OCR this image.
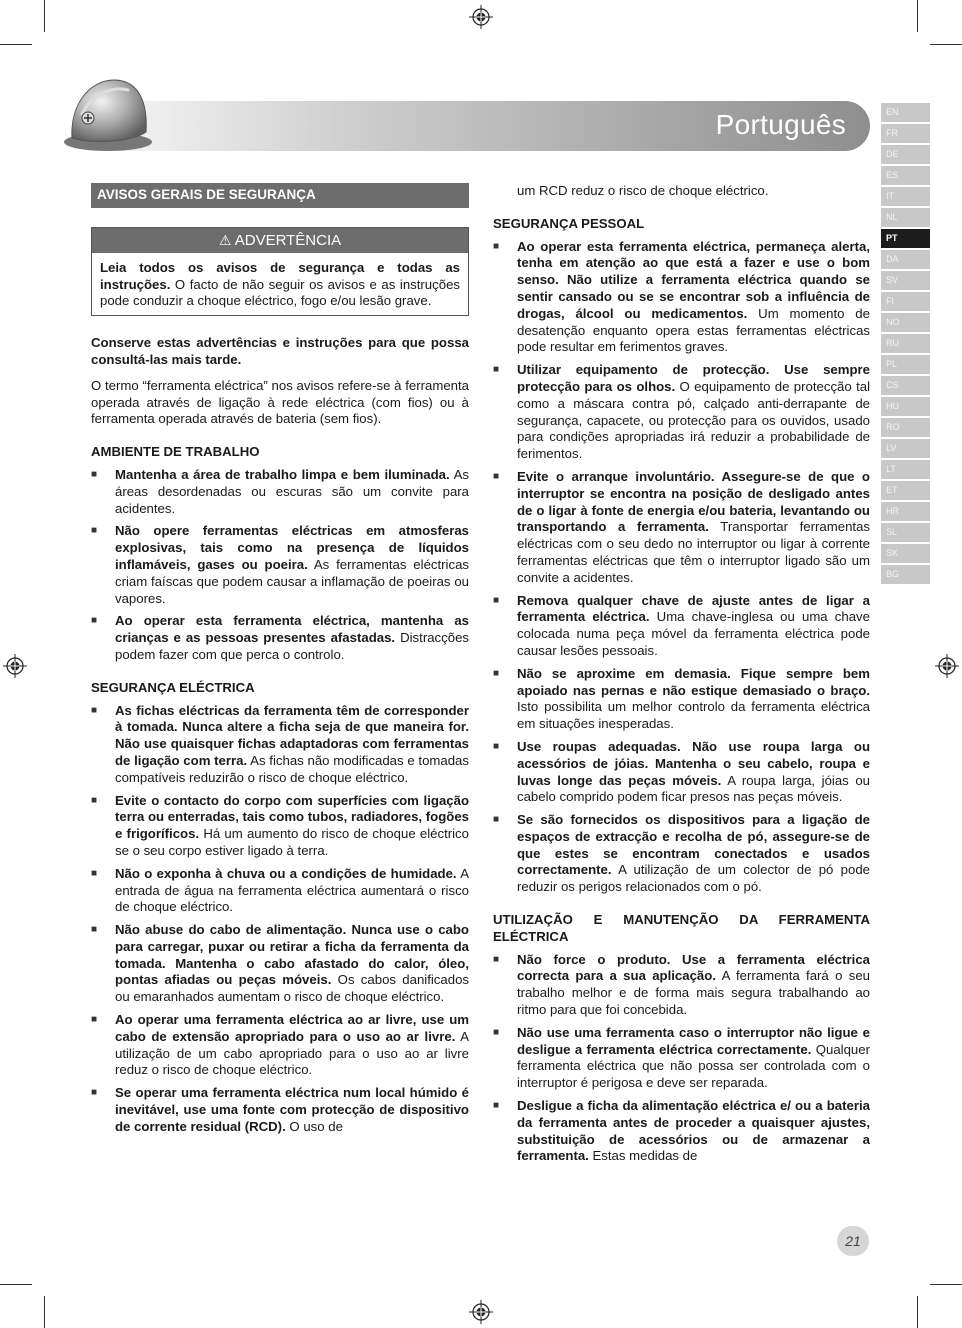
Português	EN
FR
DE
ES
IT
NL
PT
DA
SV
FI
NO
RU
PL
CS
HU
RO
LV
LT
ET
HR
SL
SK
BG
AVISOS GERAIS DE SEGURANÇA
⚠ ADVERTÊNCIA
Leia todos os avisos de segurança e todas as instruções. O facto de não seguir os avisos e as instruções pode conduzir a choque eléctrico, fogo e/ou lesão grave.

Conserve estas advertências e instruções para que possa consultá-las mais tarde.

O termo “ferramenta eléctrica” nos avisos refere-se à ferramenta operada através de ligação à rede eléctrica (com fios) ou à ferramenta operada através de bateria (sem fios).

AMBIENTE DE TRABALHO
■ Mantenha a área de trabalho limpa e bem iluminada. As áreas desordenadas ou escuras são um convite para acidentes.
■ Não opere ferramentas eléctricas em atmosferas explosivas, tais como na presença de líquidos inflamáveis, gases ou poeira. As ferramentas eléctricas criam faíscas que podem causar a inflamação de poeiras ou vapores.
■ Ao operar esta ferramenta eléctrica, mantenha as crianças e as pessoas presentes afastadas. Distracções podem fazer com que perca o controlo.
SEGURANÇA ELÉCTRICA
■ As fichas eléctricas da ferramenta têm de corresponder à tomada. Nunca altere a ficha seja de que maneira for. Não use quaisquer fichas adaptadoras com ferramentas de ligação com terra. As fichas não modificadas e tomadas compatíveis reduzirão o risco de choque eléctrico.
■ Evite o contacto do corpo com superfícies com ligação terra ou enterradas, tais como tubos, radiadores, fogões e frigoríficos. Há um aumento do risco de choque eléctrico se o seu corpo estiver ligado à terra.
■ Não o exponha à chuva ou a condições de humidade. A entrada de água na ferramenta eléctrica aumentará o risco de choque eléctrico.
■ Não abuse do cabo de alimentação. Nunca use o cabo para carregar, puxar ou retirar a ficha da ferramenta da tomada. Mantenha o cabo afastado do calor, óleo, pontas afiadas ou peças móveis. Os cabos danificados ou emaranhados aumentam o risco de choque eléctrico.
■ Ao operar uma ferramenta eléctrica ao ar livre, use um cabo de extensão apropriado para o uso ao ar livre. A utilização de um cabo apropriado para o uso ao ar livre reduz o risco de choque eléctrico.
■ Se operar uma ferramenta eléctrica num local húmido é inevitável, use uma fonte com protecção de dispositivo de corrente residual (RCD). O uso de

um RCD reduz o risco de choque eléctrico.

SEGURANÇA PESSOAL
■ Ao operar esta ferramenta eléctrica, permaneça alerta, tenha em atenção ao que está a fazer e use o bom senso. Não utilize a ferramenta eléctrica quando se sentir cansado ou se se encontrar sob a influência de drogas, álcool ou medicamentos. Um momento de desatenção enquanto opera estas ferramentas eléctricas pode resultar em ferimentos graves.
■ Utilizar equipamento de protecção. Use sempre protecção para os olhos. O equipamento de protecção tal como a máscara contra pó, calçado anti-derrapante de segurança, capacete, ou protecção para os ouvidos, usado para condições apropriadas irá reduzir a probabilidade de ferimentos.
■ Evite o arranque involuntário. Assegure-se de que o interruptor se encontra na posição de desligado antes de o ligar à fonte de energia e/ou bateria, levantando ou transportando a ferramenta. Transportar ferramentas eléctricas com o seu dedo no interruptor ou ligar à corrente ferramentas eléctricas que têm o interruptor ligado são um convite a acidentes.
■ Remova qualquer chave de ajuste antes de ligar a ferramenta eléctrica. Uma chave-inglesa ou uma chave colocada numa peça móvel da ferramenta eléctrica pode causar lesões pessoais.
■ Não se aproxime em demasia. Fique sempre bem apoiado nas pernas e não estique demasiado o braço. Isto possibilita um melhor controlo da ferramenta eléctrica em situações inesperadas.
■ Use roupas adequadas. Não use roupa larga ou acessórios de jóias. Mantenha o seu cabelo, roupa e luvas longe das peças móveis. A roupa larga, jóias ou cabelo comprido podem ficar presos nas peças móveis.
■ Se são fornecidos os dispositivos para a ligação de espaços de extracção e recolha de pó, assegure-se de que estes se encontram conectados e usados correctamente. A utilização de um colector de pó pode reduzir os perigos relacionados com o pó.
UTILIZAÇÃO E MANUTENÇÃO DA FERRAMENTA ELÉCTRICA
■ Não force o produto. Use a ferramenta eléctrica correcta para a sua aplicação. A ferramenta fará o seu trabalho melhor e de forma mais segura trabalhando ao ritmo para que foi concebida.
■ Não use uma ferramenta caso o interruptor não ligue e desligue a ferramenta eléctrica correctamente. Qualquer ferramenta eléctrica que não possa ser controlada com o interruptor é perigosa e deve ser reparada.
■ Desligue a ficha da alimentação eléctrica e/ ou a bateria da ferramenta antes de proceder a quaisquer ajustes, substituição de acessórios ou de armazenar a ferramenta. Estas medidas de
21
